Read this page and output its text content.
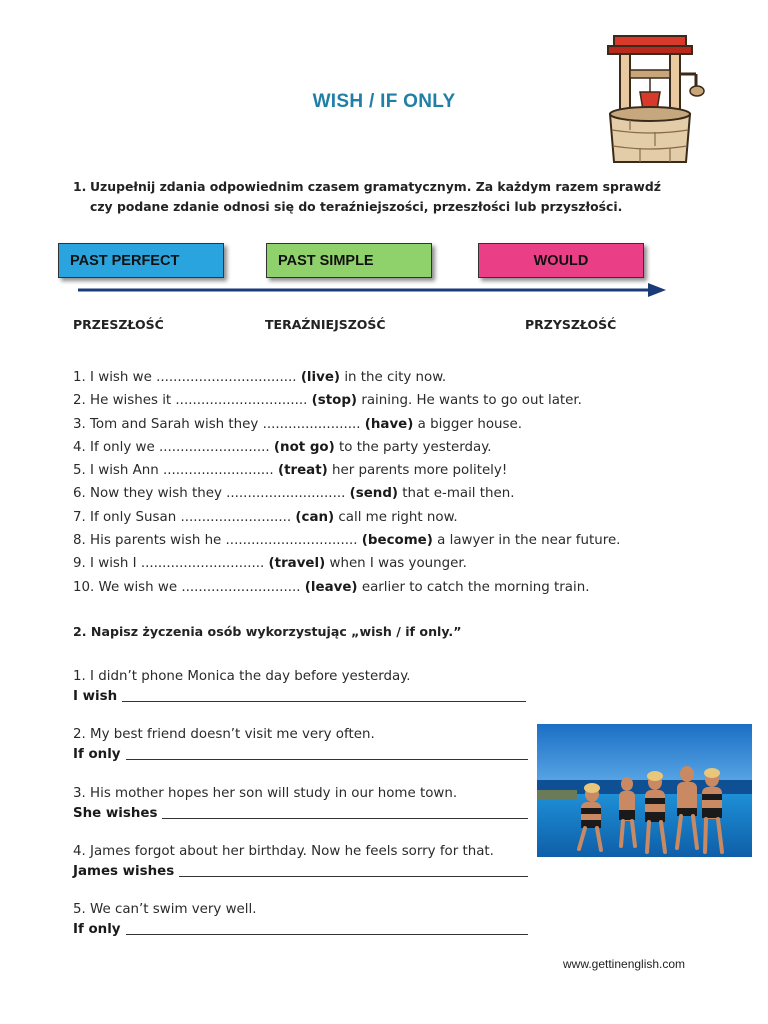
WISH / IF ONLY
1. Uzupełnij zdania odpowiednim czasem gramatycznym. Za każdym razem sprawdź
czy podane zdanie odnosi się do teraźniejszości, przeszłości lub przyszłości.
PAST PERFECT	PAST SIMPLE	WOULD
PRZESZŁOŚĆ	TERAŹNIEJSZOŚĆ	PRZYSZŁOŚĆ
1. I wish we ................................. (live) in the city now.
2. He wishes it ............................... (stop) raining. He wants to go out later.
3. Tom and Sarah wish they ....................... (have) a bigger house.
4. If only we .......................... (not go) to the party yesterday.
5. I wish Ann .......................... (treat) her parents more politely!
6. Now they wish they ............................ (send) that e-mail then.
7. If only Susan .......................... (can) call me right now.
8. His parents wish he ............................... (become) a lawyer in the near future.
9. I wish I ............................. (travel) when I was younger.
10. We wish we ............................ (leave) earlier to catch the morning train.
2. Napisz życzenia osób wykorzystując „wish / if only.”
1. I didn’t phone Monica the day before yesterday.
I wish
2. My best friend doesn’t visit me very often.
If only
3. His mother hopes her son will study in our home town.
She wishes
4. James forgot about her birthday. Now he feels sorry for that.
James wishes
5. We can’t swim very well.
If only
www.gettinenglish.com
